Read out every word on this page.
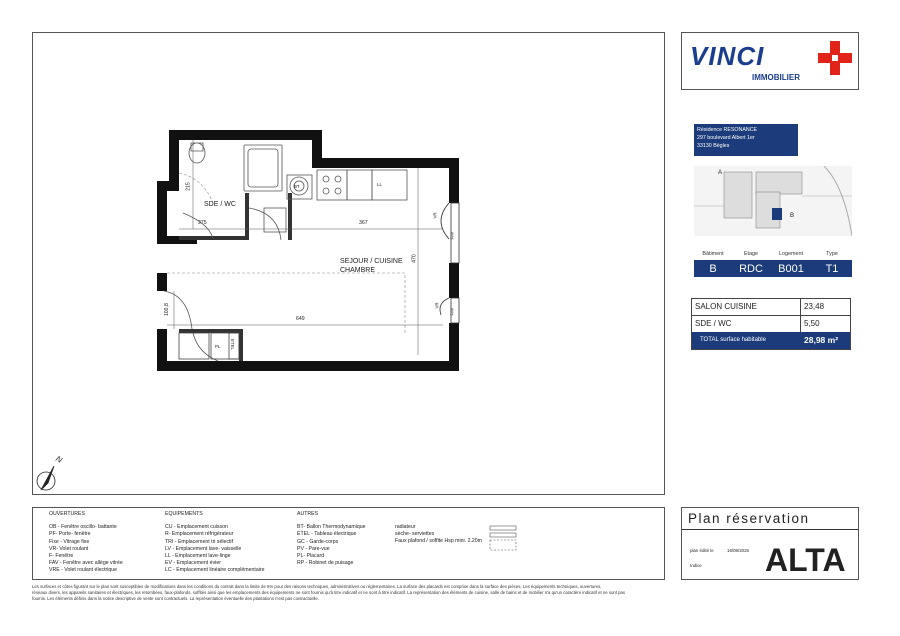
SDE / WC
SEJOUR / CUISINE
CHAMBRE
215
275	367
470
649
100,8
BT	LL
PL ETEL
FAV
FAV
VR
VR
N
VINCI
IMMOBILIER
Résidence RESONANCE
297 boulevard Albert 1er
33130 Bègles
A
B
Bâtiment	Etage	Logement	Type
B	RDC	B001	T1
SALON CUISINE	23,48
SDE / WC	5,50
TOTAL surface habitable	28,98 m²
OUVERTURES
OB - Fenêtre oscillo- battante
PF- Porte- fenêtre
Fixe - Vitrage fixe
VR- Volet roulant
F- Fenêtre
FAV - Fenêtre avec allège vitrée
VRE - Volet roulant électrique
EQUIPEMENTS
CU - Emplacement cuisson
R- Emplacement réfrigérateur
TRI - Emplacement tri sélectif
LV - Emplacement lave- vaisselle
LL - Emplacement lave-linge
EV - Emplacement évier
LC - Emplacement linéaire complémentaire
AUTRES
BT- Ballon Thermodynamique
ETEL - Tableau électrique
GC - Garde-corps
PV - Pare-vue
PL- Placard
RP - Robinet de puisage
radiateur
sèche- serviettes
Faux plafond / soffite Hsp mini. 2.20m
Plan réservation
plan édité le	16/09/2025
Indice ALTA
Les surfaces et côtes figurant sur le plan sont susceptibles de modifications dans les conditions du contrat dans la limite de 5% pour des raisons techniques, administratives ou réglementaires. La surface des placards est comprise dans la surface des pièces. Les équipements techniques, ouvertures,
réseaux divers, les appareils sanitaires et électriques, les retombées, faux-plafonds, soffites ainsi que les emplacements des équipements ne sont fournis qu'à titre indicatif et ne sont à titre indicatif. La représentation des éléments de cuisine, salle de bains et de mobilier n'a qu'un caractère indicatif et ne sont pas
fournis. Les éléments définis dans la notice descriptive de vente sont contractuels. La représentation éventuelle des plantations n'est pas contractuelle.
